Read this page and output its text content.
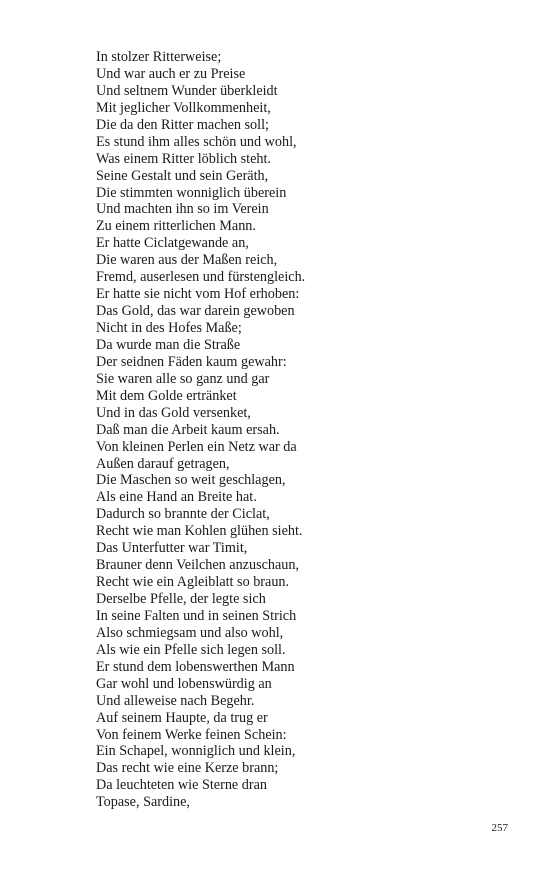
In stolzer Ritterweise;
Und war auch er zu Preise
Und seltnem Wunder überkleidt
Mit jeglicher Vollkommenheit,
Die da den Ritter machen soll;
Es stund ihm alles schön und wohl,
Was einem Ritter löblich steht.
Seine Gestalt und sein Geräth,
Die stimmten wonniglich überein
Und machten ihn so im Verein
Zu einem ritterlichen Mann.
Er hatte Ciclatgewande an,
Die waren aus der Maßen reich,
Fremd, auserlesen und fürstengleich.
Er hatte sie nicht vom Hof erhoben:
Das Gold, das war darein gewoben
Nicht in des Hofes Maße;
Da wurde man die Straße
Der seidnen Fäden kaum gewahr:
Sie waren alle so ganz und gar
Mit dem Golde ertränket
Und in das Gold versenket,
Daß man die Arbeit kaum ersah.
Von kleinen Perlen ein Netz war da
Außen darauf getragen,
Die Maschen so weit geschlagen,
Als eine Hand an Breite hat.
Dadurch so brannte der Ciclat,
Recht wie man Kohlen glühen sieht.
Das Unterfutter war Timit,
Brauner denn Veilchen anzuschaun,
Recht wie ein Agleiblatt so braun.
Derselbe Pfelle, der legte sich
In seine Falten und in seinen Strich
Also schmiegsam und also wohl,
Als wie ein Pfelle sich legen soll.
Er stund dem lobenswerthen Mann
Gar wohl und lobenswürdig an
Und alleweise nach Begehr.
Auf seinem Haupte, da trug er
Von feinem Werke feinen Schein:
Ein Schapel, wonniglich und klein,
Das recht wie eine Kerze brann;
Da leuchteten wie Sterne dran
Topase, Sardine,
257
